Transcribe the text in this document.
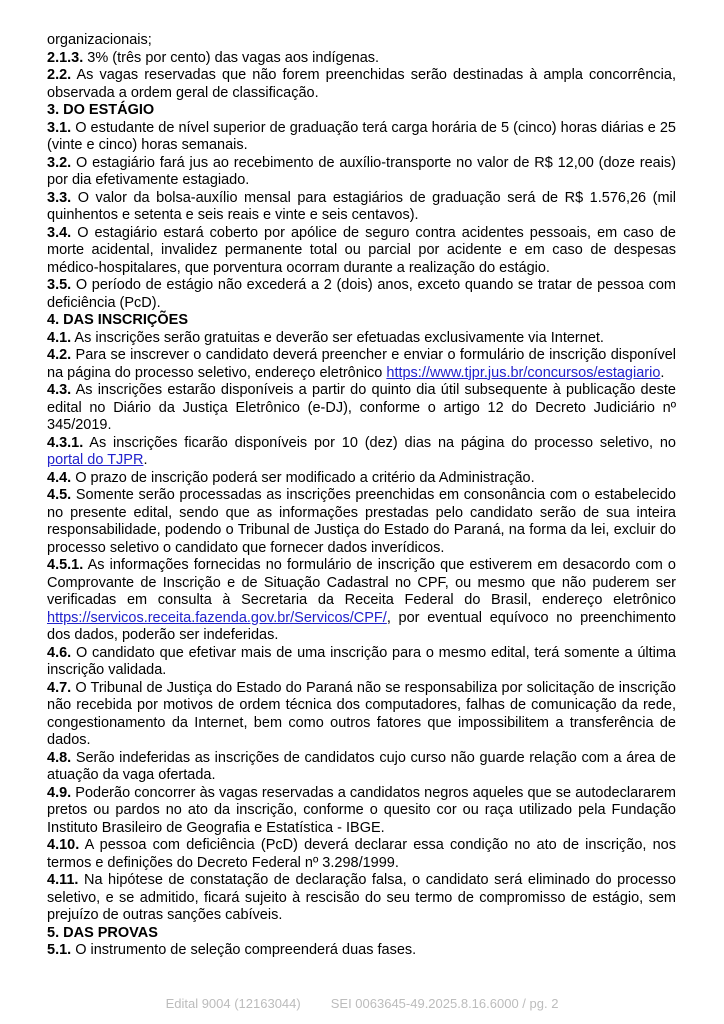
organizacionais;

2.1.3. 3% (três por cento) das vagas aos indígenas.

2.2. As vagas reservadas que não forem preenchidas serão destinadas à ampla concorrência, observada a ordem geral de classificação.

3. DO ESTÁGIO

3.1. O estudante de nível superior de graduação terá carga horária de 5 (cinco) horas diárias e 25 (vinte e cinco) horas semanais.

3.2. O estagiário fará jus ao recebimento de auxílio-transporte no valor de R$ 12,00 (doze reais) por dia efetivamente estagiado.

3.3. O valor da bolsa-auxílio mensal para estagiários de graduação será de R$ 1.576,26 (mil quinhentos e setenta e seis reais e vinte e seis centavos).

3.4. O estagiário estará coberto por apólice de seguro contra acidentes pessoais, em caso de morte acidental, invalidez permanente total ou parcial por acidente e em caso de despesas médico-hospitalares, que porventura ocorram durante a realização do estágio.

3.5. O período de estágio não excederá a 2 (dois) anos, exceto quando se tratar de pessoa com deficiência (PcD).

4. DAS INSCRIÇÕES

4.1. As inscrições serão gratuitas e deverão ser efetuadas exclusivamente via Internet.

4.2. Para se inscrever o candidato deverá preencher e enviar o formulário de inscrição disponível na página do processo seletivo, endereço eletrônico https://www.tjpr.jus.br/concursos/estagiario.

4.3. As inscrições estarão disponíveis a partir do quinto dia útil subsequente à publicação deste edital no Diário da Justiça Eletrônico (e-DJ), conforme o artigo 12 do Decreto Judiciário nº 345/2019.

4.3.1. As inscrições ficarão disponíveis por 10 (dez) dias na página do processo seletivo, no portal do TJPR.

4.4. O prazo de inscrição poderá ser modificado a critério da Administração.

4.5. Somente serão processadas as inscrições preenchidas em consonância com o estabelecido no presente edital, sendo que as informações prestadas pelo candidato serão de sua inteira responsabilidade, podendo o Tribunal de Justiça do Estado do Paraná, na forma da lei, excluir do processo seletivo o candidato que fornecer dados inverídicos.

4.5.1. As informações fornecidas no formulário de inscrição que estiverem em desacordo com o Comprovante de Inscrição e de Situação Cadastral no CPF, ou mesmo que não puderem ser verificadas em consulta à Secretaria da Receita Federal do Brasil, endereço eletrônico https://servicos.receita.fazenda.gov.br/Servicos/CPF/, por eventual equívoco no preenchimento dos dados, poderão ser indeferidas.

4.6. O candidato que efetivar mais de uma inscrição para o mesmo edital, terá somente a última inscrição validada.

4.7. O Tribunal de Justiça do Estado do Paraná não se responsabiliza por solicitação de inscrição não recebida por motivos de ordem técnica dos computadores, falhas de comunicação da rede, congestionamento da Internet, bem como outros fatores que impossibilitem a transferência de dados.

4.8. Serão indeferidas as inscrições de candidatos cujo curso não guarde relação com a área de atuação da vaga ofertada.

4.9. Poderão concorrer às vagas reservadas a candidatos negros aqueles que se autodeclararem pretos ou pardos no ato da inscrição, conforme o quesito cor ou raça utilizado pela Fundação Instituto Brasileiro de Geografia e Estatística - IBGE.

4.10. A pessoa com deficiência (PcD) deverá declarar essa condição no ato de inscrição, nos termos e definições do Decreto Federal nº 3.298/1999.

4.11. Na hipótese de constatação de declaração falsa, o candidato será eliminado do processo seletivo, e se admitido, ficará sujeito à rescisão do seu termo de compromisso de estágio, sem prejuízo de outras sanções cabíveis.

5. DAS PROVAS

5.1. O instrumento de seleção compreenderá duas fases.

Edital 9004 (12163044) SEI 0063645-49.2025.8.16.6000 / pg. 2
